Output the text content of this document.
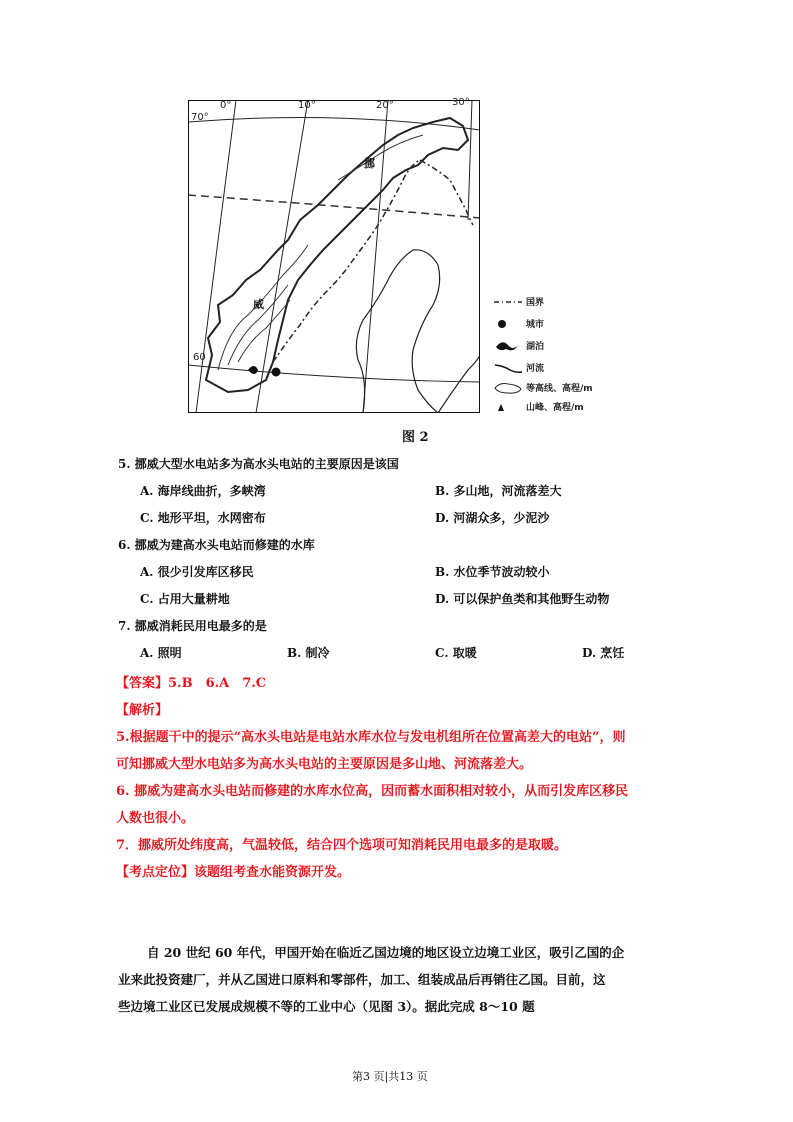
0°	10°	20°	30°
70°
60
挪
威	国界
城市
湖泊
河流
等高线、高程/m
山峰、高程/m
图 2
5. 挪威大型水电站多为高水头电站的主要原因是该国
A. 海岸线曲折，多峡湾	B. 多山地，河流落差大
C. 地形平坦，水网密布	D. 河湖众多，少泥沙
6. 挪威为建高水头电站而修建的水库
A. 很少引发库区移民	B. 水位季节波动较小
C. 占用大量耕地	D. 可以保护鱼类和其他野生动物
7. 挪威消耗民用电最多的是
A. 照明	B. 制冷	C. 取暖	D. 烹饪
【答案】5.B　6.A　7.C
【解析】
5.根据题干中的提示“高水头电站是电站水库水位与发电机组所在位置高差大的电站”，则
可知挪威大型水电站多为高水头电站的主要原因是多山地、河流落差大。
6. 挪威为建高水头电站而修建的水库水位高，因而蓄水面积相对较小，从而引发库区移民
人数也很小。
7．挪威所处纬度高，气温较低，结合四个选项可知消耗民用电最多的是取暖。
【考点定位】该题组考查水能资源开发。
自 20 世纪 60 年代，甲国开始在临近乙国边境的地区设立边境工业区，吸引乙国的企
业来此投资建厂，并从乙国进口原料和零部件，加工、组装成品后再销往乙国。目前，这
些边境工业区已发展成规模不等的工业中心（见图 3）。据此完成 8～10 题
第3 页|共13 页
